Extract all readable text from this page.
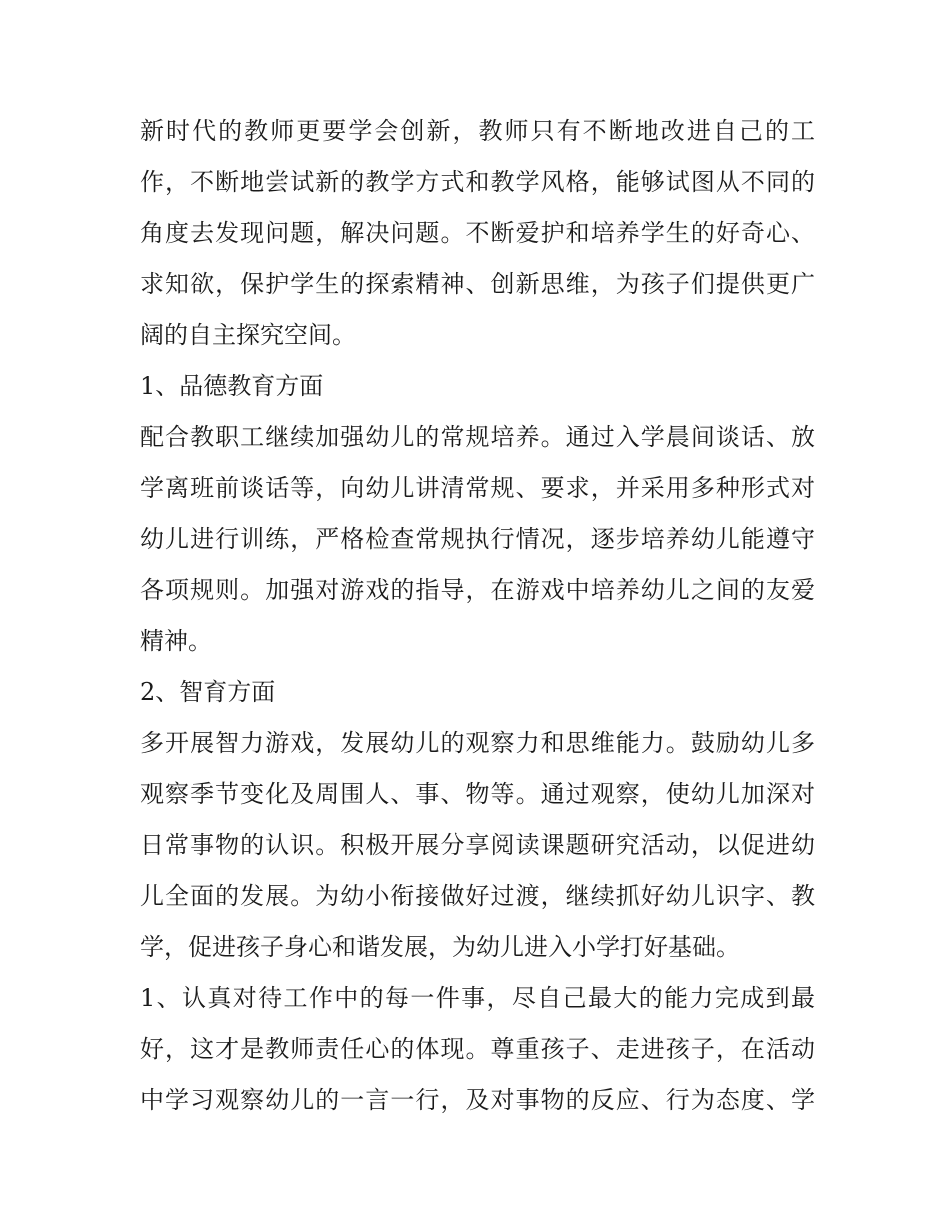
新时代的教师更要学会创新，教师只有不断地改进自己的工
作，不断地尝试新的教学方式和教学风格，能够试图从不同的
角度去发现问题，解决问题。不断爱护和培养学生的好奇心、
求知欲，保护学生的探索精神、创新思维，为孩子们提供更广
阔的自主探究空间。
1、品德教育方面
配合教职工继续加强幼儿的常规培养。通过入学晨间谈话、放
学离班前谈话等，向幼儿讲清常规、要求，并采用多种形式对
幼儿进行训练，严格检查常规执行情况，逐步培养幼儿能遵守
各项规则。加强对游戏的指导，在游戏中培养幼儿之间的友爱
精神。
2、智育方面
多开展智力游戏，发展幼儿的观察力和思维能力。鼓励幼儿多
观察季节变化及周围人、事、物等。通过观察，使幼儿加深对
日常事物的认识。积极开展分享阅读课题研究活动，以促进幼
儿全面的发展。为幼小衔接做好过渡，继续抓好幼儿识字、教
学，促进孩子身心和谐发展，为幼儿进入小学打好基础。
1、认真对待工作中的每一件事，尽自己最大的能力完成到最
好，这才是教师责任心的体现。尊重孩子、走进孩子，在活动
中学习观察幼儿的一言一行，及对事物的反应、行为态度、学
